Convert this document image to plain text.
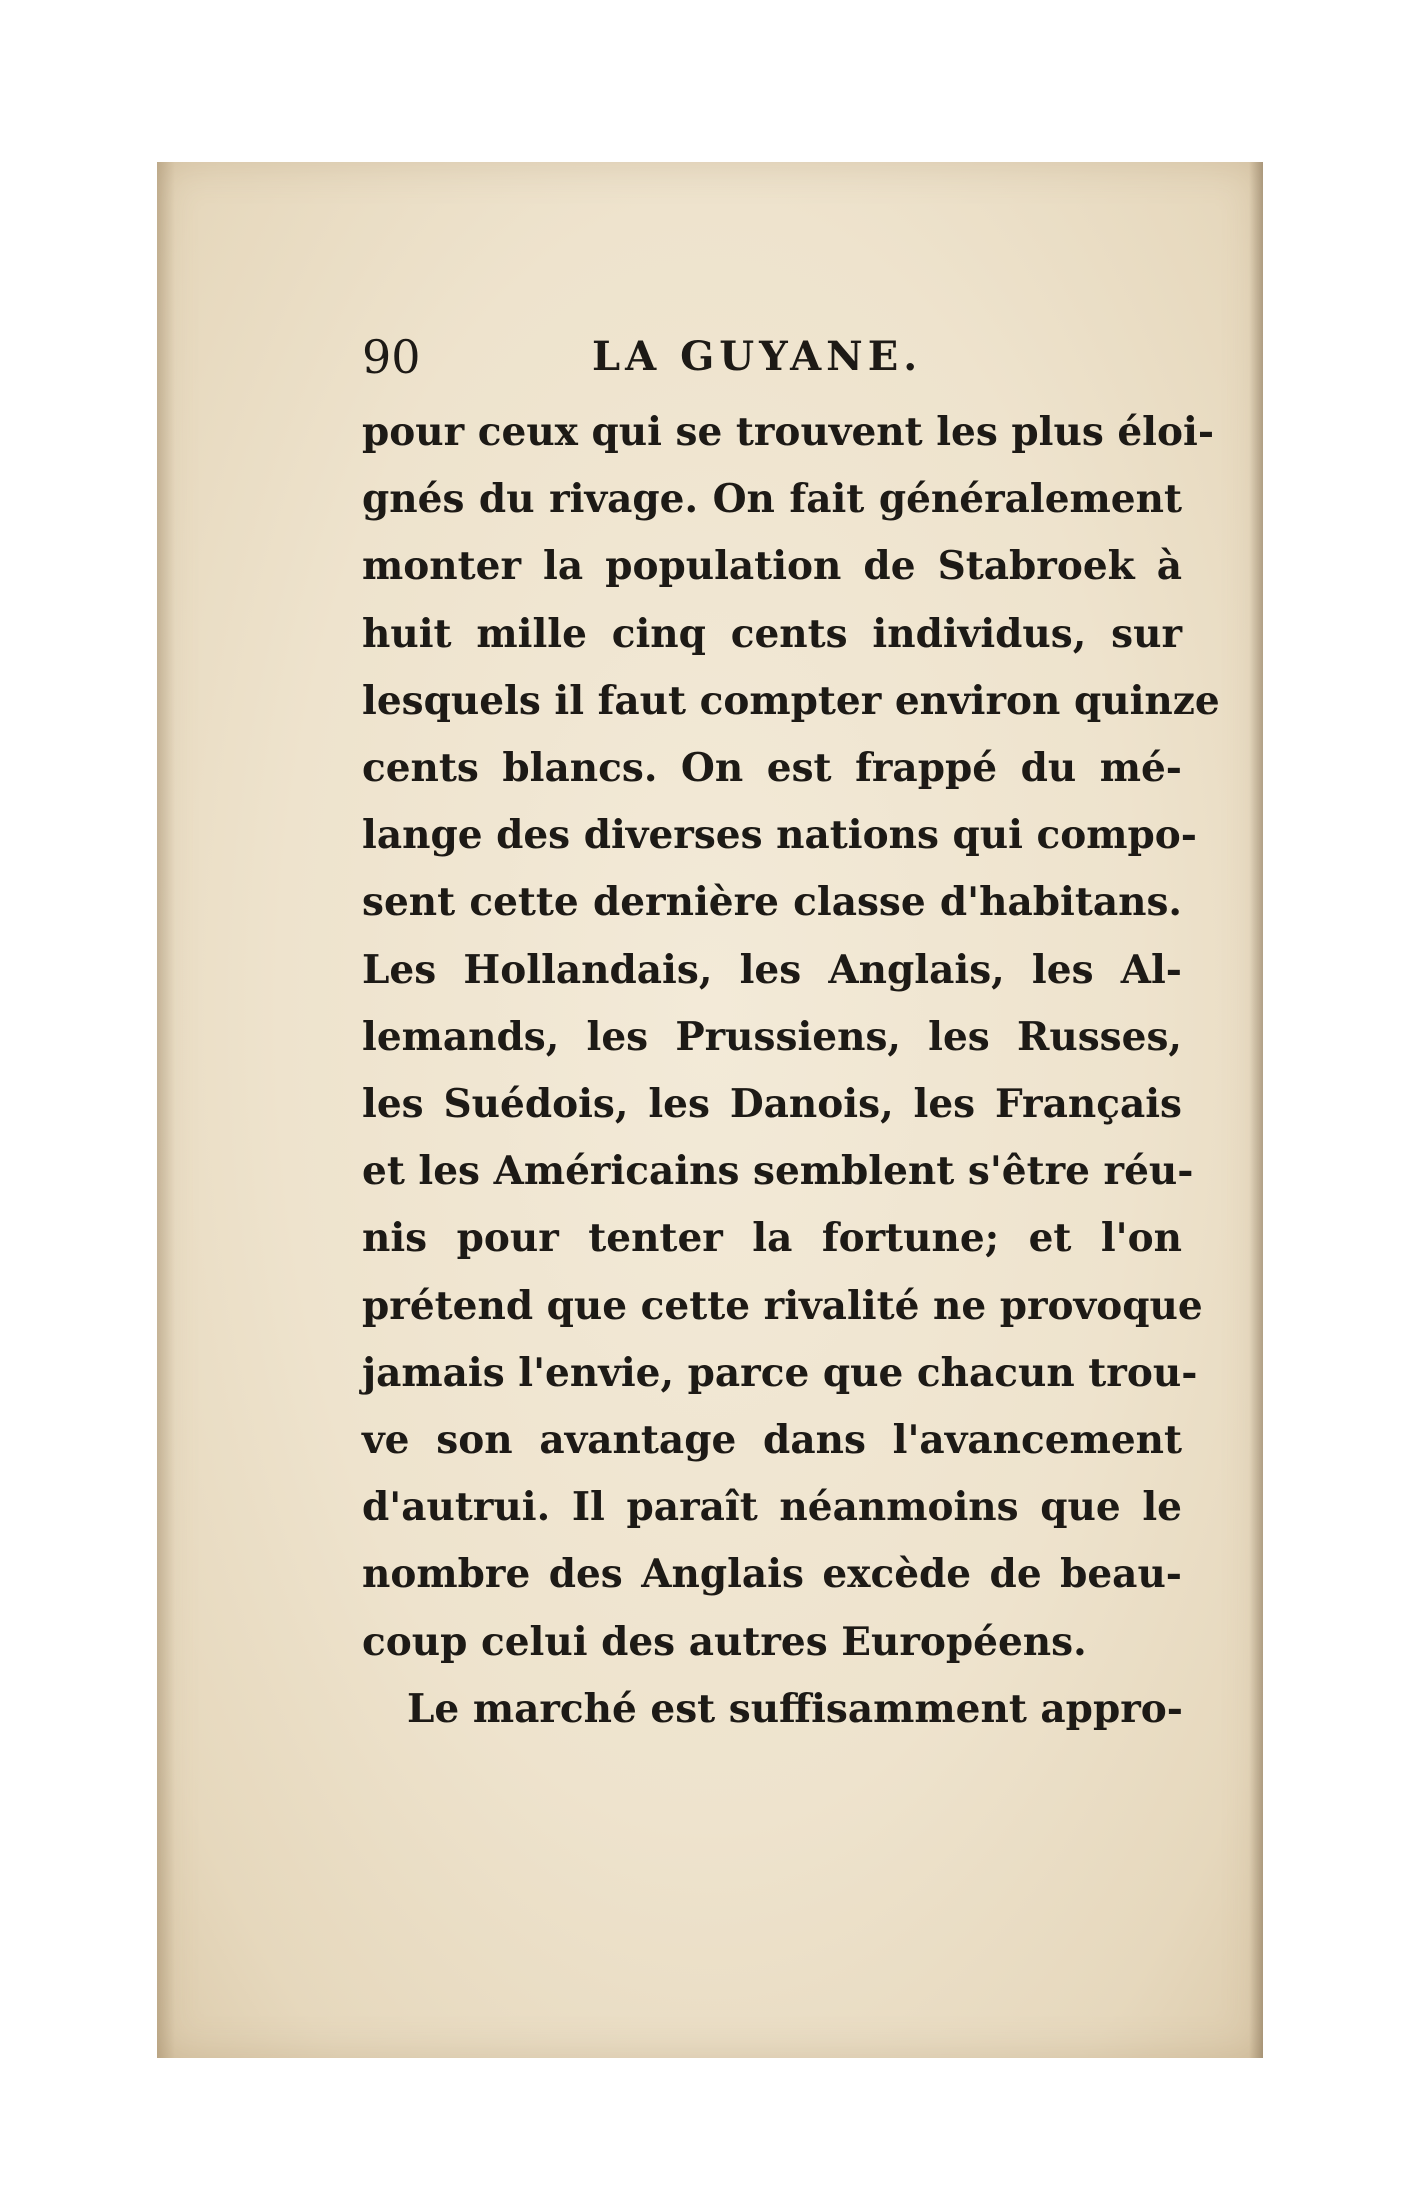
90	LA GUYANE.
pour ceux qui se trouvent les plus éloi-
gnés du rivage. On fait généralement
monter la population de Stabroek à
huit mille cinq cents individus, sur
lesquels il faut compter environ quinze
cents blancs. On est frappé du mé-
lange des diverses nations qui compo-
sent cette dernière classe d'habitans.
Les Hollandais, les Anglais, les Al-
lemands, les Prussiens, les Russes,
les Suédois, les Danois, les Français
et les Américains semblent s'être réu-
nis pour tenter la fortune; et l'on
prétend que cette rivalité ne provoque
jamais l'envie, parce que chacun trou-
ve son avantage dans l'avancement
d'autrui. Il paraît néanmoins que le
nombre des Anglais excède de beau-
coup celui des autres Européens.
Le marché est suffisamment appro-
